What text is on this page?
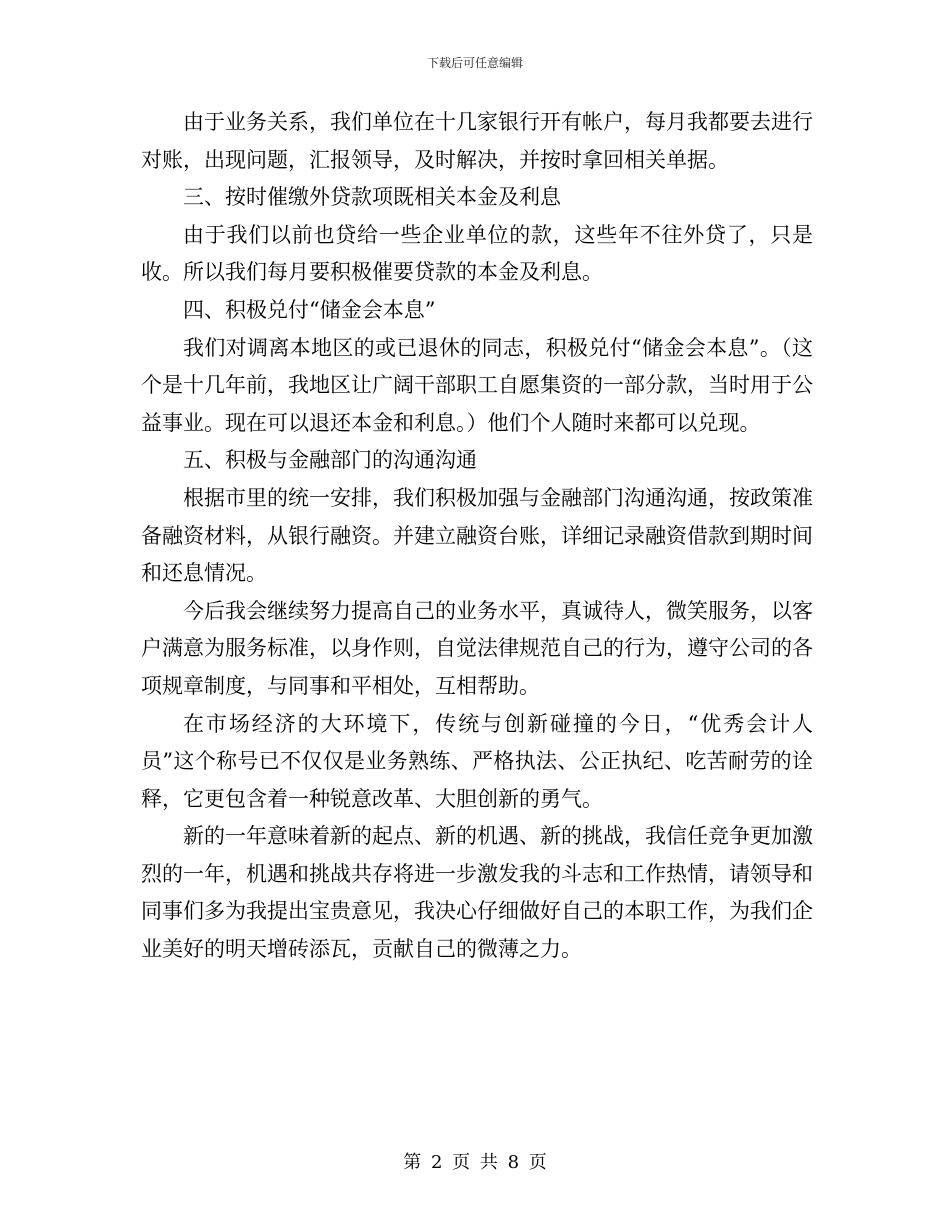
下载后可任意编辑

由于业务关系，我们单位在十几家银行开有帐户，每月我都要去进行对账，出现问题，汇报领导，及时解决，并按时拿回相关单据。

三、按时催缴外贷款项既相关本金及利息

由于我们以前也贷给一些企业单位的款，这些年不往外贷了，只是收。所以我们每月要积极催要贷款的本金及利息。

四、积极兑付“储金会本息”

我们对调离本地区的或已退休的同志，积极兑付“储金会本息”。（这个是十几年前，我地区让广阔干部职工自愿集资的一部分款，当时用于公益事业。现在可以退还本金和利息。）他们个人随时来都可以兑现。

五、积极与金融部门的沟通沟通

根据市里的统一安排，我们积极加强与金融部门沟通沟通，按政策准备融资材料，从银行融资。并建立融资台账，详细记录融资借款到期时间和还息情况。

今后我会继续努力提高自己的业务水平，真诚待人，微笑服务，以客户满意为服务标准，以身作则，自觉法律规范自己的行为，遵守公司的各项规章制度，与同事和平相处，互相帮助。

在市场经济的大环境下，传统与创新碰撞的今日，“优秀会计人员”这个称号已不仅仅是业务熟练、严格执法、公正执纪、吃苦耐劳的诠释，它更包含着一种锐意改革、大胆创新的勇气。

新的一年意味着新的起点、新的机遇、新的挑战，我信任竞争更加激烈的一年，机遇和挑战共存将进一步激发我的斗志和工作热情，请领导和同事们多为我提出宝贵意见，我决心仔细做好自己的本职工作，为我们企业美好的明天增砖添瓦，贡献自己的微薄之力。

第 2 页 共 8 页
